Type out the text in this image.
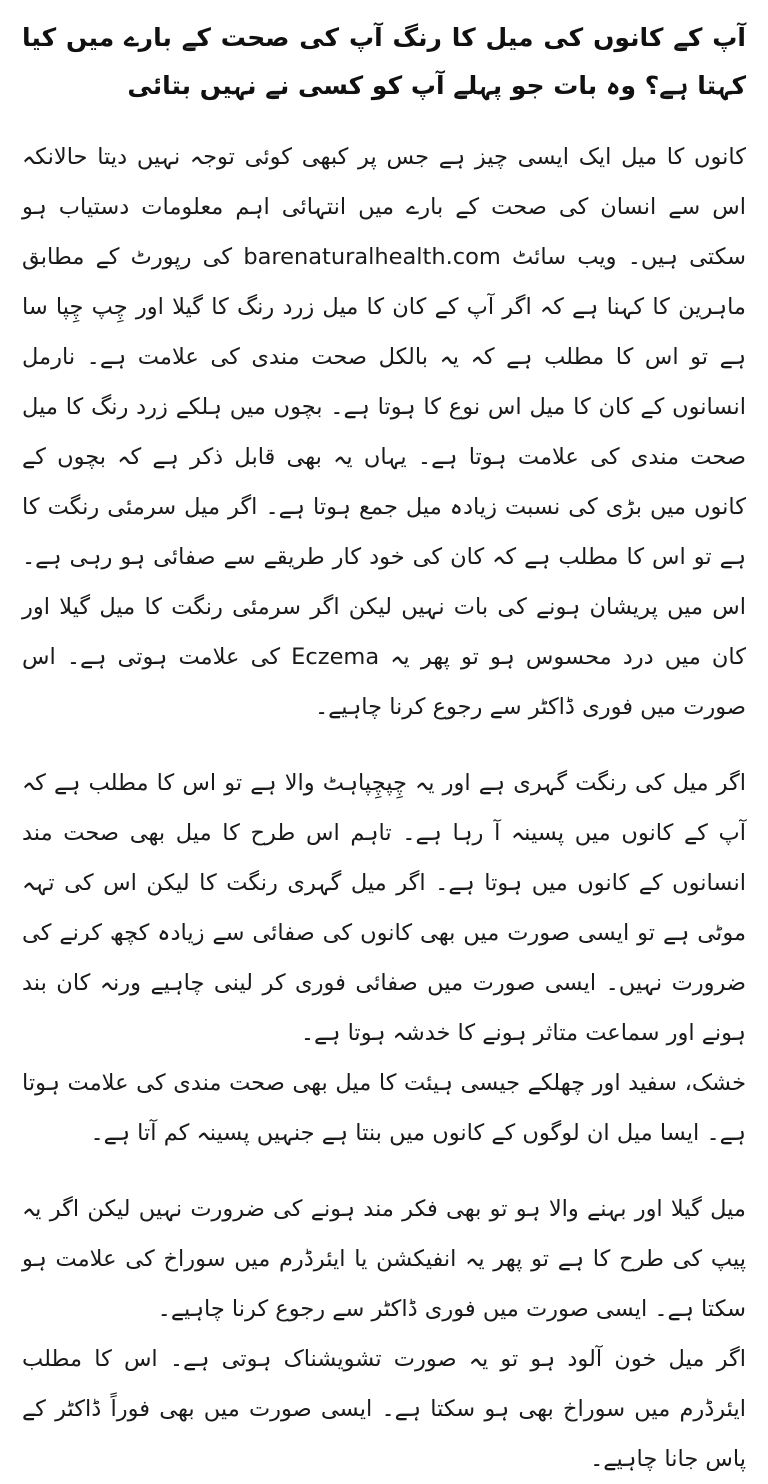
آپ کے کانوں کی میل کا رنگ آپ کی صحت کے بارے میں کیا کہتا ہے؟ وہ بات جو پہلے آپ کو کسی نے نہیں بتائی

کانوں کا میل ایک ایسی چیز ہے جس پر کبھی کوئی توجہ نہیں دیتا حالانکہ اس سے انسان کی صحت کے بارے میں انتہائی اہم معلومات دستیاب ہو سکتی ہیں۔ ویب سائٹ barenaturalhealth.com کی رپورٹ کے مطابق ماہرین کا کہنا ہے کہ اگر آپ کے کان کا میل زرد رنگ کا گیلا اور چِپ چِپا سا ہے تو اس کا مطلب ہے کہ یہ بالکل صحت مندی کی علامت ہے۔ نارمل انسانوں کے کان کا میل اس نوع کا ہوتا ہے۔ بچوں میں ہلکے زرد رنگ کا میل صحت مندی کی علامت ہوتا ہے۔ یہاں یہ بھی قابل ذکر ہے کہ بچوں کے کانوں میں بڑی کی نسبت زیادہ میل جمع ہوتا ہے۔ اگر میل سرمئی رنگت کا ہے تو اس کا مطلب ہے کہ کان کی خود کار طریقے سے صفائی ہو رہی ہے۔ اس میں پریشان ہونے کی بات نہیں لیکن اگر سرمئی رنگت کا میل گیلا اور کان میں درد محسوس ہو تو پھر یہ Eczema کی علامت ہوتی ہے۔ اس صورت میں فوری ڈاکٹر سے رجوع کرنا چاہیے۔

اگر میل کی رنگت گہری ہے اور یہ چِپچِپاہٹ والا ہے تو اس کا مطلب ہے کہ آپ کے کانوں میں پسینہ آ رہا ہے۔ تاہم اس طرح کا میل بھی صحت مند انسانوں کے کانوں میں ہوتا ہے۔ اگر میل گہری رنگت کا لیکن اس کی تہہ موٹی ہے تو ایسی صورت میں بھی کانوں کی صفائی سے زیادہ کچھ کرنے کی ضرورت نہیں۔ ایسی صورت میں صفائی فوری کر لینی چاہیے ورنہ کان بند ہونے اور سماعت متاثر ہونے کا خدشہ ہوتا ہے۔

خشک، سفید اور چھلکے جیسی ہیئت کا میل بھی صحت مندی کی علامت ہوتا ہے۔ ایسا میل ان لوگوں کے کانوں میں بنتا ہے جنہیں پسینہ کم آتا ہے۔

میل گیلا اور بہنے والا ہو تو بھی فکر مند ہونے کی ضرورت نہیں لیکن اگر یہ پیپ کی طرح کا ہے تو پھر یہ انفیکشن یا ایئرڈرم میں سوراخ کی علامت ہو سکتا ہے۔ ایسی صورت میں فوری ڈاکٹر سے رجوع کرنا چاہیے۔

اگر میل خون آلود ہو تو یہ صورت تشویشناک ہوتی ہے۔ اس کا مطلب ایئرڈرم میں سوراخ بھی ہو سکتا ہے۔ ایسی صورت میں بھی فوراً ڈاکٹر کے پاس جانا چاہیے۔
